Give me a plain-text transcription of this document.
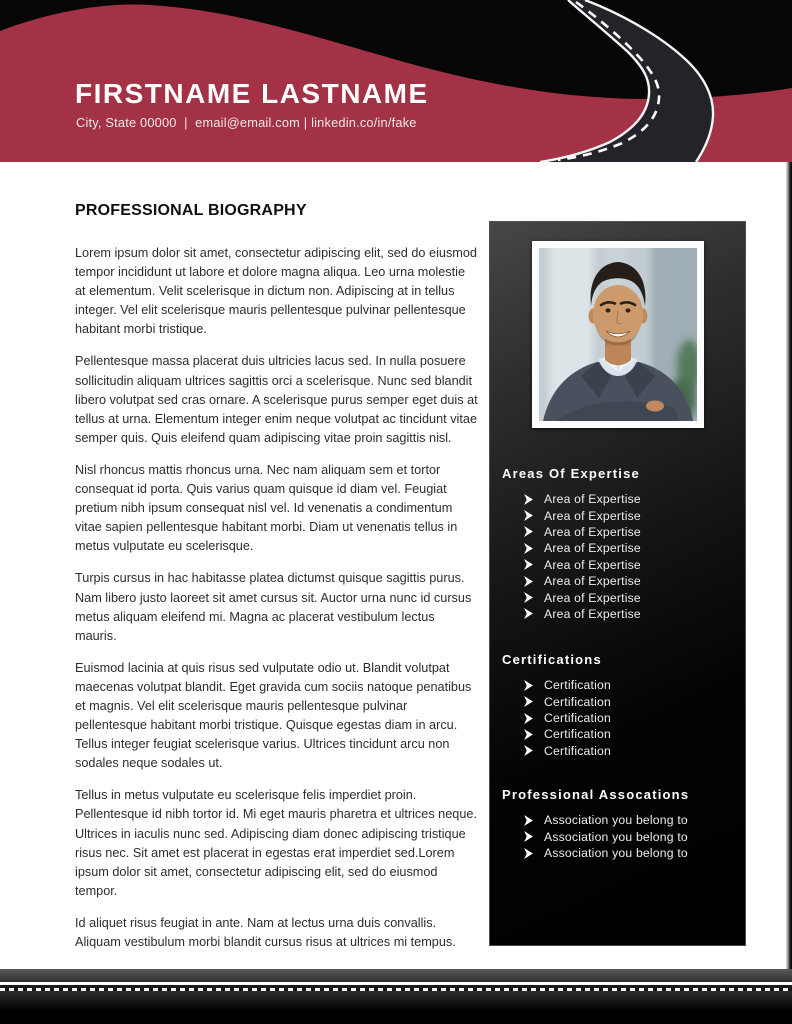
FIRSTNAME LASTNAME
City, State 00000  |  email@email.com | linkedin.co/in/fake
PROFESSIONAL BIOGRAPHY

Lorem ipsum dolor sit amet, consectetur adipiscing elit, sed do eiusmod tempor incididunt ut labore et dolore magna aliqua. Leo urna molestie at elementum. Velit scelerisque in dictum non. Adipiscing at in tellus integer. Vel elit scelerisque mauris pellentesque pulvinar pellentesque habitant morbi tristique.

Pellentesque massa placerat duis ultricies lacus sed. In nulla posuere sollicitudin aliquam ultrices sagittis orci a scelerisque. Nunc sed blandit libero volutpat sed cras ornare. A scelerisque purus semper eget duis at tellus at urna. Elementum integer enim neque volutpat ac tincidunt vitae semper quis. Quis eleifend quam adipiscing vitae proin sagittis nisl.

Nisl rhoncus mattis rhoncus urna. Nec nam aliquam sem et tortor consequat id porta. Quis varius quam quisque id diam vel. Feugiat pretium nibh ipsum consequat nisl vel. Id venenatis a condimentum vitae sapien pellentesque habitant morbi. Diam ut venenatis tellus in metus vulputate eu scelerisque.

Turpis cursus in hac habitasse platea dictumst quisque sagittis purus. Nam libero justo laoreet sit amet cursus sit. Auctor urna nunc id cursus metus aliquam eleifend mi. Magna ac placerat vestibulum lectus mauris.

Euismod lacinia at quis risus sed vulputate odio ut. Blandit volutpat maecenas volutpat blandit. Eget gravida cum sociis natoque penatibus et magnis. Vel elit scelerisque mauris pellentesque pulvinar pellentesque habitant morbi tristique. Quisque egestas diam in arcu. Tellus integer feugiat scelerisque varius. Ultrices tincidunt arcu non sodales neque sodales ut.

Tellus in metus vulputate eu scelerisque felis imperdiet proin. Pellentesque id nibh tortor id. Mi eget mauris pharetra et ultrices neque. Ultrices in iaculis nunc sed. Adipiscing diam donec adipiscing tristique risus nec. Sit amet est placerat in egestas erat imperdiet sed.Lorem ipsum dolor sit amet, consectetur adipiscing elit, sed do eiusmod tempor.

Id aliquet risus feugiat in ante. Nam at lectus urna duis convallis. Aliquam vestibulum morbi blandit cursus risus at ultrices mi tempus.

Areas Of Expertise
Area of Expertise
Area of Expertise
Area of Expertise
Area of Expertise
Area of Expertise
Area of Expertise
Area of Expertise
Area of Expertise
Certifications
Certification
Certification
Certification
Certification
Certification
Professional Assocations
Association you belong to
Association you belong to
Association you belong to
